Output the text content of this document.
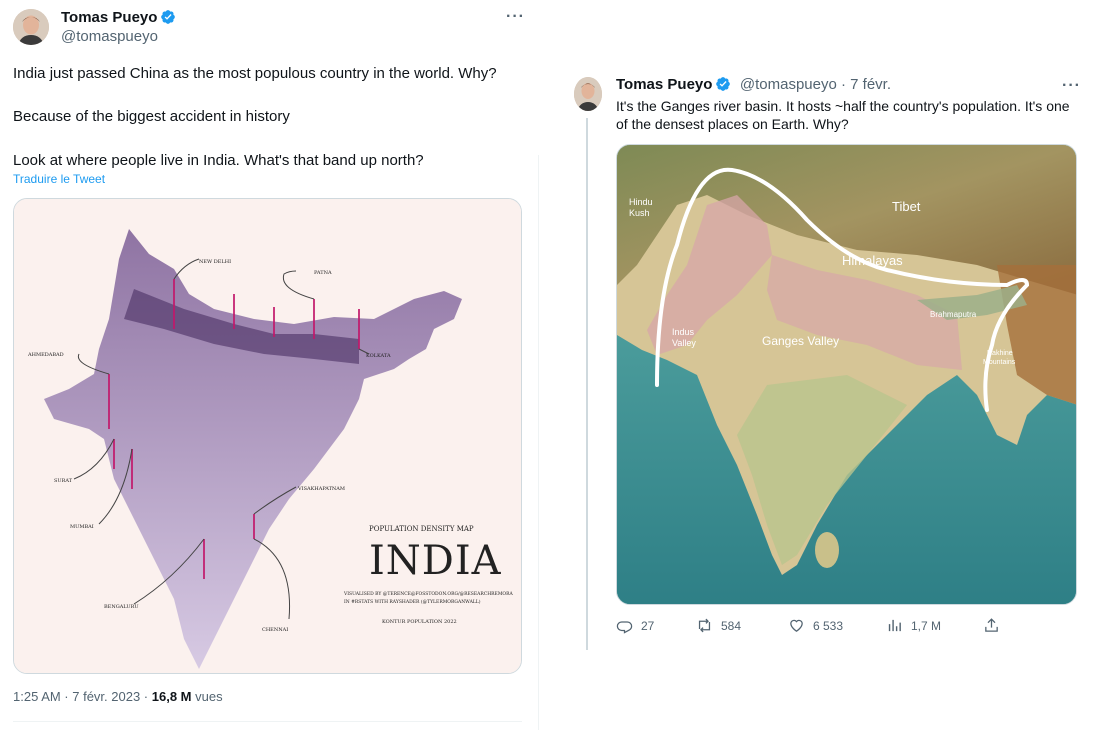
Tomas Pueyo
@tomaspueyo
···
India just passed China as the most populous country in the world. Why?
Because of the biggest accident in history
Look at where people live in India. What's that band up north?
Traduire le Tweet
NEW DELHI
PATNA
AHMEDABAD	KOLKATA
SURAT
MUMBAI
VISAKHAPATNAM
BENGALURU
CHENNAI
POPULATION DENSITY MAP
INDIA
VISUALISED BY @TERENCE@FOSSTODON.ORG/@RESEARCHREMORA
IN #RSTATS WITH RAYSHADER (@TYLERMORGANWALL)
KONTUR POPULATION 2022
1:25 AM · 7 févr. 2023 · 16,8 M vues
Tomas Pueyo @tomaspueyo · 7 févr.	···
It's the Ganges river basin. It hosts ~half the country's population. It's one of the densest places on Earth. Why?
Hindu Kush	Tibet
Himalayas
Brahmaputra
Indus Valley	Ganges Valley
Rakhine Mountains
27	584	6 533	1,7 M
